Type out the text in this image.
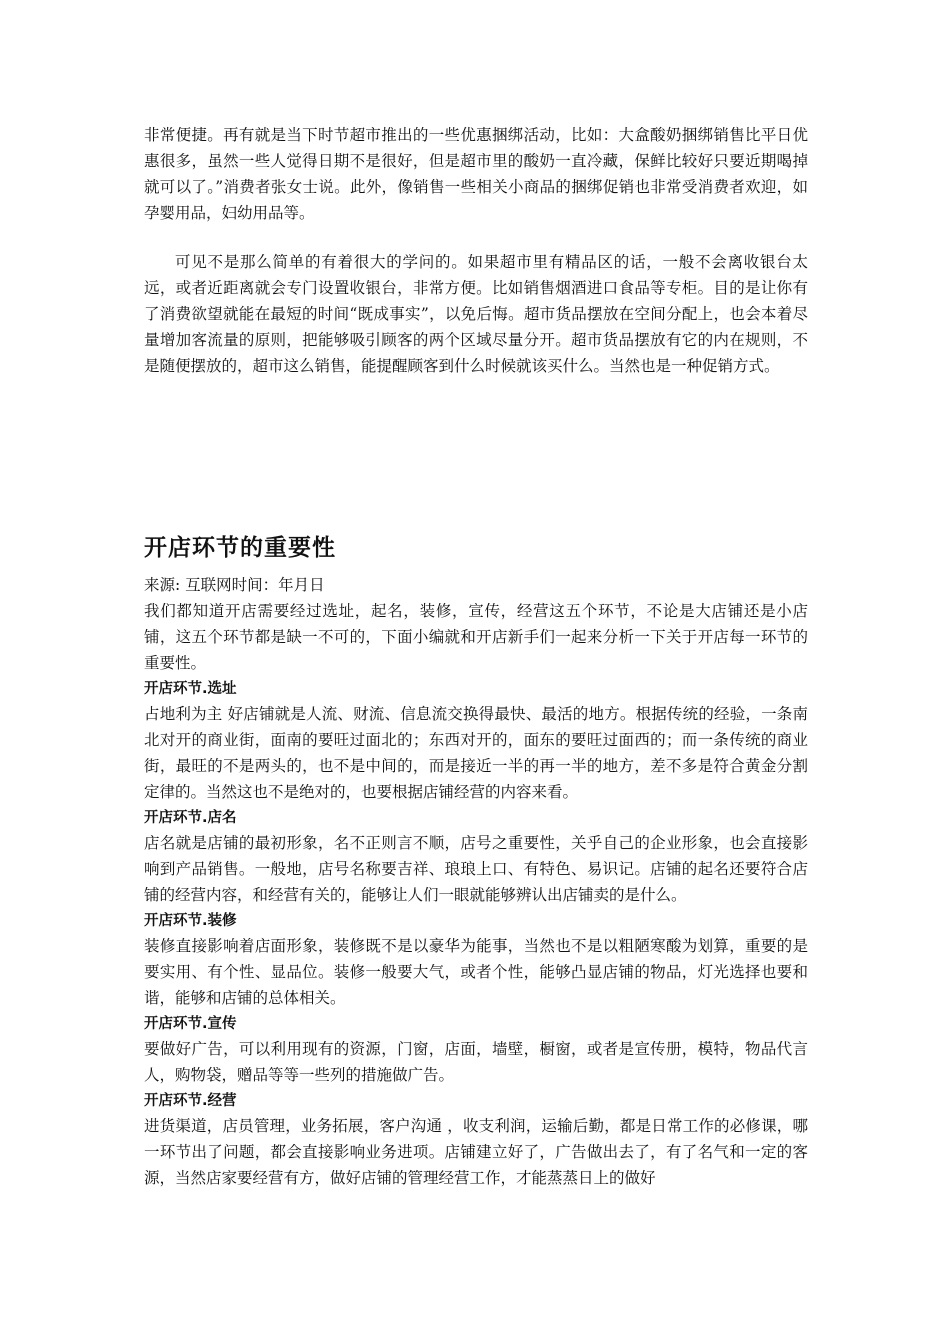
非常便捷。再有就是当下时节超市推出的一些优惠捆绑活动，比如：大盒酸奶捆绑销售比平日优惠很多，虽然一些人觉得日期不是很好，但是超市里的酸奶一直冷藏，保鲜比较好只要近期喝掉就可以了。”消费者张女士说。此外，像销售一些相关小商品的捆绑促销也非常受消费者欢迎，如孕婴用品，妇幼用品等。

可见不是那么简单的有着很大的学问的。如果超市里有精品区的话，一般不会离收银台太远，或者近距离就会专门设置收银台，非常方便。比如销售烟酒进口食品等专柜。目的是让你有了消费欲望就能在最短的时间“既成事实”，以免后悔。超市货品摆放在空间分配上，也会本着尽量增加客流量的原则，把能够吸引顾客的两个区域尽量分开。超市货品摆放有它的内在规则，不是随便摆放的，超市这么销售，能提醒顾客到什么时候就该买什么。当然也是一种促销方式。

开店环节的重要性

来源: 互联网时间：年月日

我们都知道开店需要经过选址，起名，装修，宣传，经营这五个环节，不论是大店铺还是小店铺，这五个环节都是缺一不可的，下面小编就和开店新手们一起来分析一下关于开店每一环节的重要性。

开店环节.选址

占地利为主 好店铺就是人流、财流、信息流交换得最快、最活的地方。根据传统的经验，一条南北对开的商业街，面南的要旺过面北的；东西对开的，面东的要旺过面西的；而一条传统的商业街，最旺的不是两头的，也不是中间的，而是接近一半的再一半的地方，差不多是符合黄金分割定律的。当然这也不是绝对的，也要根据店铺经营的内容来看。

开店环节.店名

店名就是店铺的最初形象，名不正则言不顺，店号之重要性，关乎自己的企业形象，也会直接影响到产品销售。一般地，店号名称要吉祥、琅琅上口、有特色、易识记。店铺的起名还要符合店铺的经营内容，和经营有关的，能够让人们一眼就能够辨认出店铺卖的是什么。

开店环节.装修

装修直接影响着店面形象，装修既不是以豪华为能事，当然也不是以粗陋寒酸为划算，重要的是要实用、有个性、显品位。装修一般要大气，或者个性，能够凸显店铺的物品，灯光选择也要和谐，能够和店铺的总体相关。

开店环节.宣传

要做好广告，可以利用现有的资源，门窗，店面，墙壁，橱窗，或者是宣传册，模特，物品代言人，购物袋，赠品等等一些列的措施做广告。

开店环节.经营

进货渠道，店员管理，业务拓展，客户沟通 ，收支利润，运输后勤，都是日常工作的必修课，哪一环节出了问题，都会直接影响业务进项。店铺建立好了，广告做出去了，有了名气和一定的客源，当然店家要经营有方，做好店铺的管理经营工作，才能蒸蒸日上的做好
